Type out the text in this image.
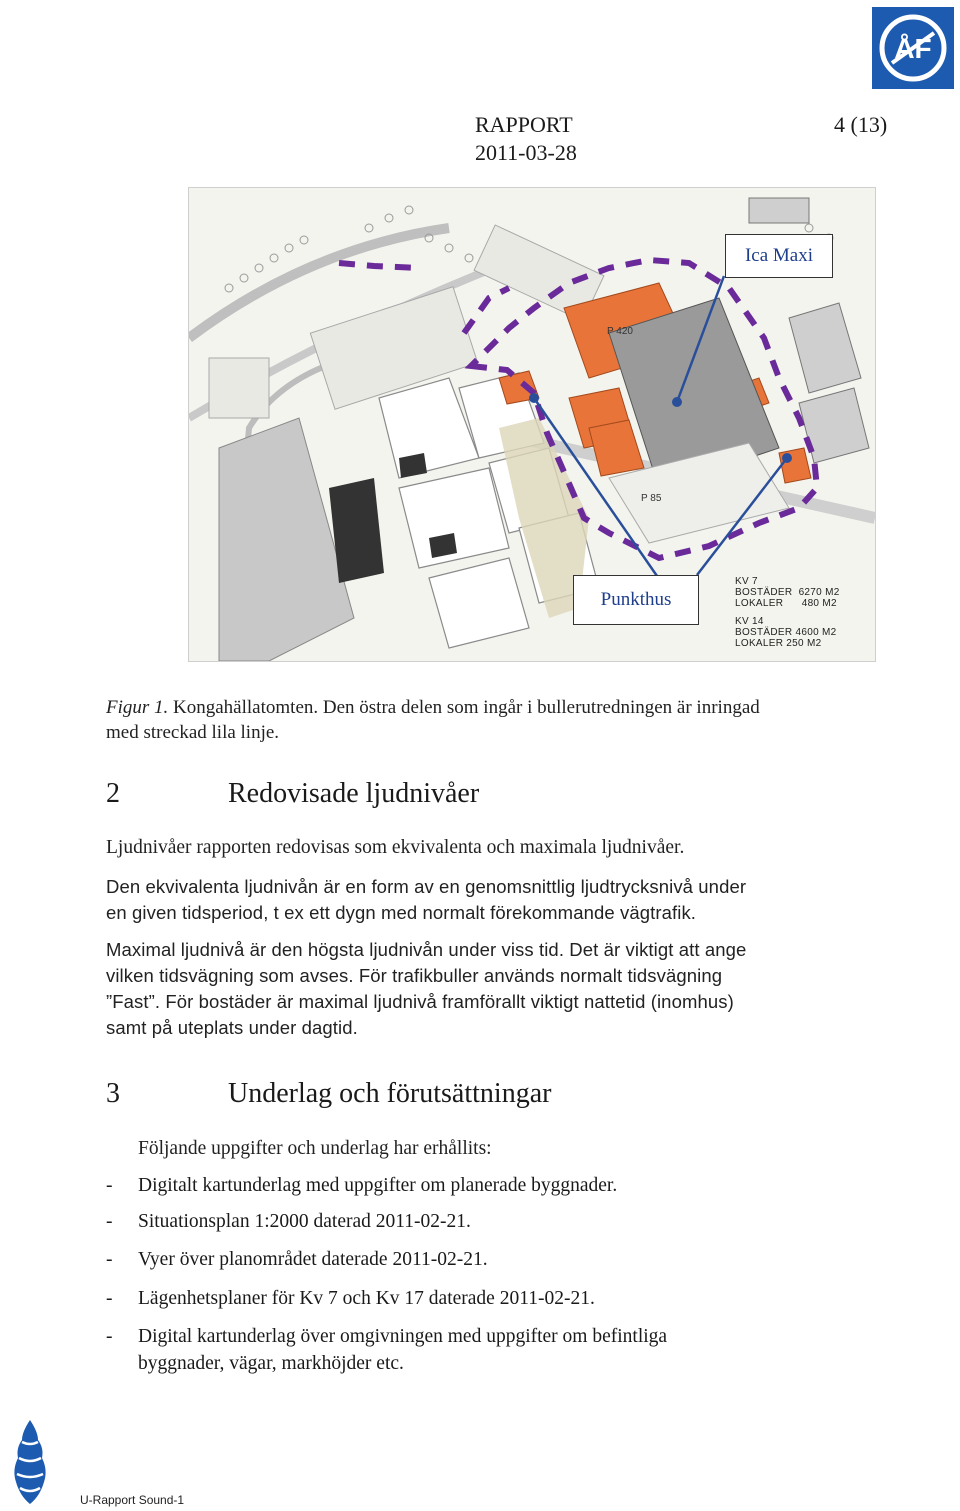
ÅF
RAPPORT	4 (13)
2011-03-28
P 420
P 85
Ica Maxi
Punkthus
KV 7
BOSTÄDER  6270 M2
LOKALER      480 M2
KV 14
BOSTÄDER 4600 M2
LOKALER 250 M2
Figur 1. Kongahällatomten. Den östra delen som ingår i bullerutredningen är inringad
med streckad lila linje.
2	Redovisade ljudnivåer
Ljudnivåer rapporten redovisas som ekvivalenta och maximala ljudnivåer.
Den ekvivalenta ljudnivån är en form av en genomsnittlig ljudtrycksnivå under
en given tidsperiod, t ex ett dygn med normalt förekommande vägtrafik.
Maximal ljudnivå är den högsta ljudnivån under viss tid. Det är viktigt att ange
vilken tidsvägning som avses. För trafikbuller används normalt tidsvägning
”Fast”. För bostäder är maximal ljudnivå framförallt viktigt nattetid (inomhus)
samt på uteplats under dagtid.
3	Underlag och förutsättningar
Följande uppgifter och underlag har erhållits:
- Digitalt kartunderlag med uppgifter om planerade byggnader.
- Situationsplan 1:2000 daterad 2011-02-21.
- Vyer över planområdet daterade 2011-02-21.
- Lägenhetsplaner för Kv 7 och Kv 17 daterade 2011-02-21.
- Digital kartunderlag över omgivningen med uppgifter om befintliga
byggnader, vägar, markhöjder etc.
U-Rapport Sound-1
